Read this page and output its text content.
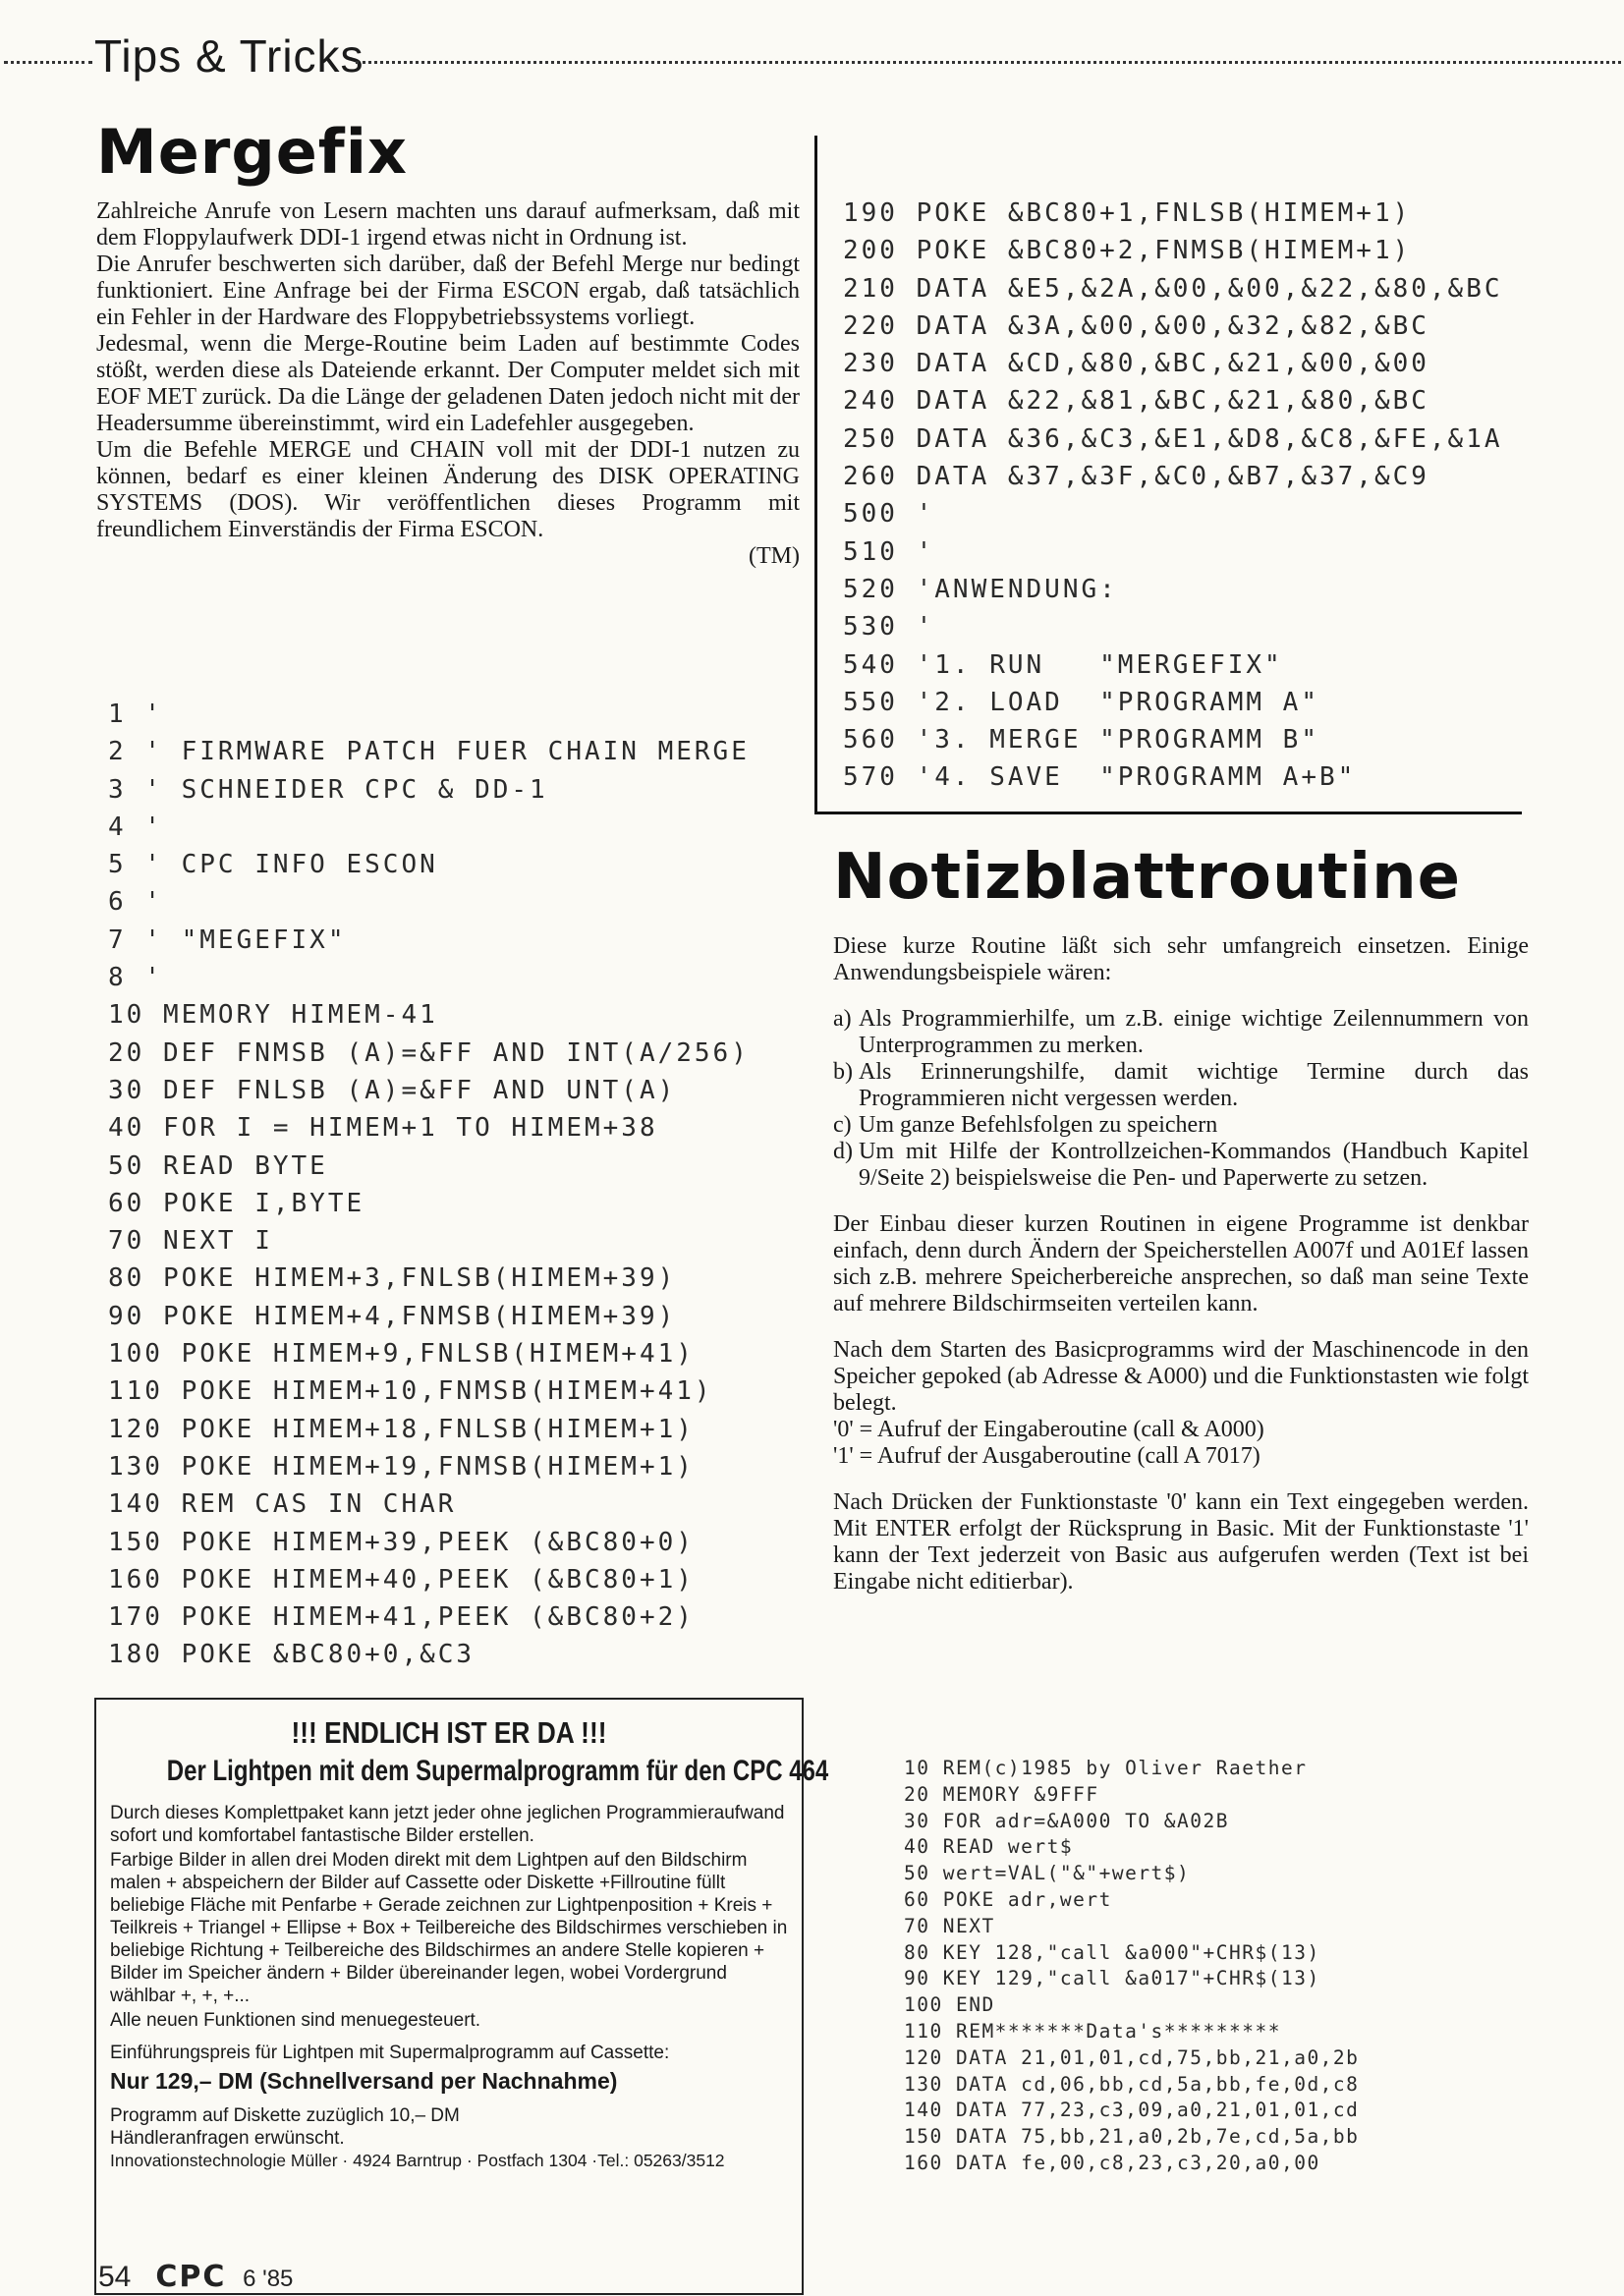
Tips & Tricks
Mergefix

Zahlreiche Anrufe von Lesern machten uns darauf aufmerksam, daß mit dem Floppylaufwerk DDI-1 irgend etwas nicht in Ordnung ist.

Die Anrufer beschwerten sich darüber, daß der Befehl Merge nur bedingt funktioniert. Eine Anfrage bei der Firma ESCON ergab, daß tatsächlich ein Fehler in der Hardware des Floppybetriebssystems vorliegt.

Jedesmal, wenn die Merge-Routine beim Laden auf bestimmte Codes stößt, werden diese als Dateiende erkannt. Der Computer meldet sich mit EOF MET zurück. Da die Länge der geladenen Daten jedoch nicht mit der Headersumme übereinstimmt, wird ein Ladefehler ausgegeben.

Um die Befehle MERGE und CHAIN voll mit der DDI-1 nutzen zu können, bedarf es einer kleinen Änderung des DISK OPERATING SYSTEMS (DOS). Wir veröffentlichen dieses Programm mit freundlichem Einverständis der Firma ESCON.

(TM)

1 '
2 ' FIRMWARE PATCH FUER CHAIN MERGE
3 ' SCHNEIDER CPC & DD-1
4 '
5 ' CPC INFO ESCON
6 '
7 ' "MEGEFIX"
8 '
10 MEMORY HIMEM-41
20 DEF FNMSB (A)=&FF AND INT(A/256)
30 DEF FNLSB (A)=&FF AND UNT(A)
40 FOR I = HIMEM+1 TO HIMEM+38
50 READ BYTE
60 POKE I,BYTE
70 NEXT I
80 POKE HIMEM+3,FNLSB(HIMEM+39)
90 POKE HIMEM+4,FNMSB(HIMEM+39)
100 POKE HIMEM+9,FNLSB(HIMEM+41)
110 POKE HIMEM+10,FNMSB(HIMEM+41)
120 POKE HIMEM+18,FNLSB(HIMEM+1)
130 POKE HIMEM+19,FNMSB(HIMEM+1)
140 REM CAS IN CHAR
150 POKE HIMEM+39,PEEK (&BC80+0)
160 POKE HIMEM+40,PEEK (&BC80+1)
170 POKE HIMEM+41,PEEK (&BC80+2)
180 POKE &BC80+0,&C3
190 POKE &BC80+1,FNLSB(HIMEM+1)
200 POKE &BC80+2,FNMSB(HIMEM+1)
210 DATA &E5,&2A,&00,&00,&22,&80,&BC
220 DATA &3A,&00,&00,&32,&82,&BC
230 DATA &CD,&80,&BC,&21,&00,&00
240 DATA &22,&81,&BC,&21,&80,&BC
250 DATA &36,&C3,&E1,&D8,&C8,&FE,&1A
260 DATA &37,&3F,&C0,&B7,&37,&C9
500 '
510 '
520 'ANWENDUNG:
530 '
540 '1. RUN   "MERGEFIX"
550 '2. LOAD  "PROGRAMM A"
560 '3. MERGE "PROGRAMM B"
570 '4. SAVE  "PROGRAMM A+B"
Notizblattroutine

Diese kurze Routine läßt sich sehr umfangreich einsetzen. Einige Anwendungsbeispiele wären:

a) Als Programmierhilfe, um z.B. einige wichtige Zeilennummern von Unterprogrammen zu merken.
b) Als Erinnerungshilfe, damit wichtige Termine durch das Programmieren nicht vergessen werden.
c) Um ganze Befehlsfolgen zu speichern
d) Um mit Hilfe der Kontrollzeichen-Kommandos (Handbuch Kapitel 9/Seite 2) beispielsweise die Pen- und Paperwerte zu setzen.

Der Einbau dieser kurzen Routinen in eigene Programme ist denkbar einfach, denn durch Ändern der Speicherstellen A007f und A01Ef lassen sich z.B. mehrere Speicherbereiche ansprechen, so daß man seine Texte auf mehrere Bildschirmseiten verteilen kann.

Nach dem Starten des Basicprogramms wird der Maschinencode in den Speicher gepoked (ab Adresse & A000) und die Funktionstasten wie folgt belegt.

'0' = Aufruf der Eingaberoutine (call & A000)

'1' = Aufruf der Ausgaberoutine (call A 7017)

Nach Drücken der Funktionstaste '0' kann ein Text eingegeben werden. Mit ENTER erfolgt der Rücksprung in Basic. Mit der Funktionstaste '1' kann der Text jederzeit von Basic aus aufgerufen werden (Text ist bei Eingabe nicht editierbar).

10 REM(c)1985 by Oliver Raether
20 MEMORY &9FFF
30 FOR adr=&A000 TO &A02B
40 READ wert$
50 wert=VAL("&"+wert$)
60 POKE adr,wert
70 NEXT
80 KEY 128,"call &a000"+CHR$(13)
90 KEY 129,"call &a017"+CHR$(13)
100 END
110 REM*******Data's*********
120 DATA 21,01,01,cd,75,bb,21,a0,2b
130 DATA cd,06,bb,cd,5a,bb,fe,0d,c8
140 DATA 77,23,c3,09,a0,21,01,01,cd
150 DATA 75,bb,21,a0,2b,7e,cd,5a,bb
160 DATA fe,00,c8,23,c3,20,a0,00
!!! ENDLICH IST ER DA !!!
Der Lightpen mit dem Supermalprogramm für den CPC 464
Durch dieses Komplettpaket kann jetzt jeder ohne jeglichen Programmieraufwand sofort und komfortabel fantastische Bilder erstellen.
Farbige Bilder in allen drei Moden direkt mit dem Lightpen auf den Bildschirm malen + abspeichern der Bilder auf Cassette oder Diskette +Fillroutine füllt beliebige Fläche mit Penfarbe + Gerade zeichnen zur Lightpenposition + Kreis + Teilkreis + Triangel + Ellipse + Box + Teilbereiche des Bildschirmes verschieben in beliebige Richtung + Teilbereiche des Bildschirmes an andere Stelle kopieren + Bilder im Speicher ändern + Bilder übereinander legen, wobei Vordergrund wählbar +, +, +...
Alle neuen Funktionen sind menuegesteuert.
Einführungspreis für Lightpen mit Supermalprogramm auf Cassette:
Nur 129,– DM (Schnellversand per Nachnahme)
Programm auf Diskette zuzüglich 10,– DM
Händleranfragen erwünscht.
Innovationstechnologie Müller · 4924 Barntrup · Postfach 1304 ·Tel.: 05263/3512
54 CPC 6 '85
